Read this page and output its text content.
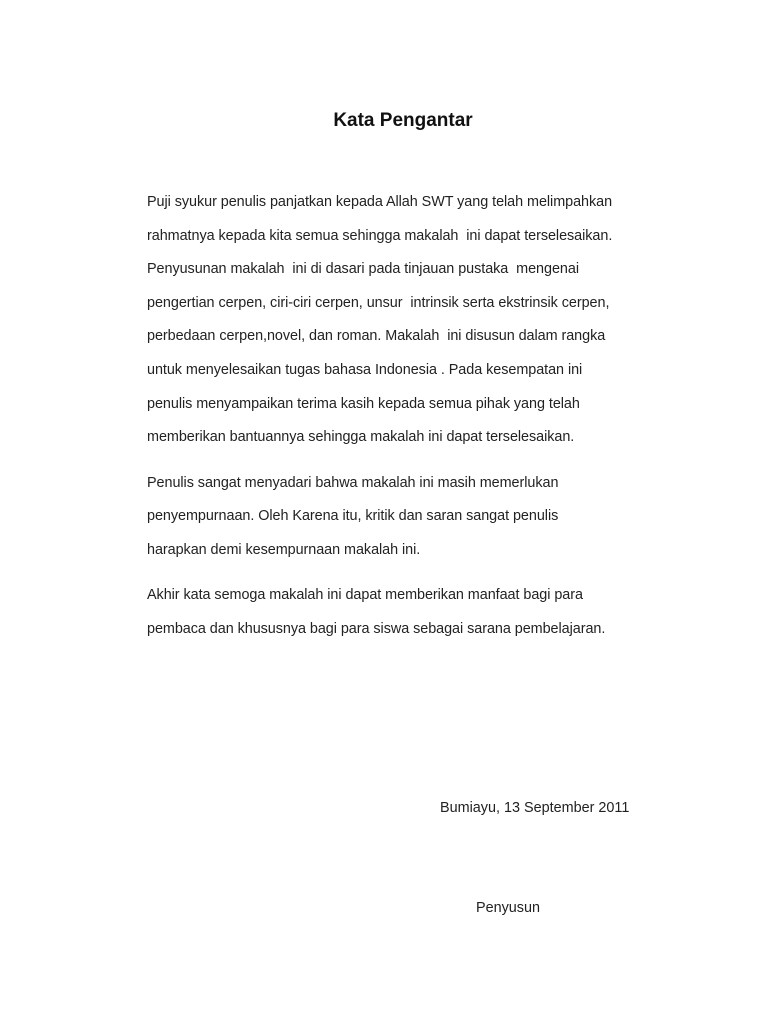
Kata Pengantar
Puji syukur penulis panjatkan kepada Allah SWT yang telah melimpahkan
rahmatnya kepada kita semua sehingga makalah  ini dapat terselesaikan.
Penyusunan makalah  ini di dasari pada tinjauan pustaka  mengenai
pengertian cerpen, ciri-ciri cerpen, unsur  intrinsik serta ekstrinsik cerpen,
perbedaan cerpen,novel, dan roman. Makalah  ini disusun dalam rangka
untuk menyelesaikan tugas bahasa Indonesia . Pada kesempatan ini
penulis menyampaikan terima kasih kepada semua pihak yang telah
memberikan bantuannya sehingga makalah ini dapat terselesaikan.
Penulis sangat menyadari bahwa makalah ini masih memerlukan
penyempurnaan. Oleh Karena itu, kritik dan saran sangat penulis
harapkan demi kesempurnaan makalah ini.
Akhir kata semoga makalah ini dapat memberikan manfaat bagi para
pembaca dan khususnya bagi para siswa sebagai sarana pembelajaran.
Bumiayu, 13 September 2011
Penyusun
